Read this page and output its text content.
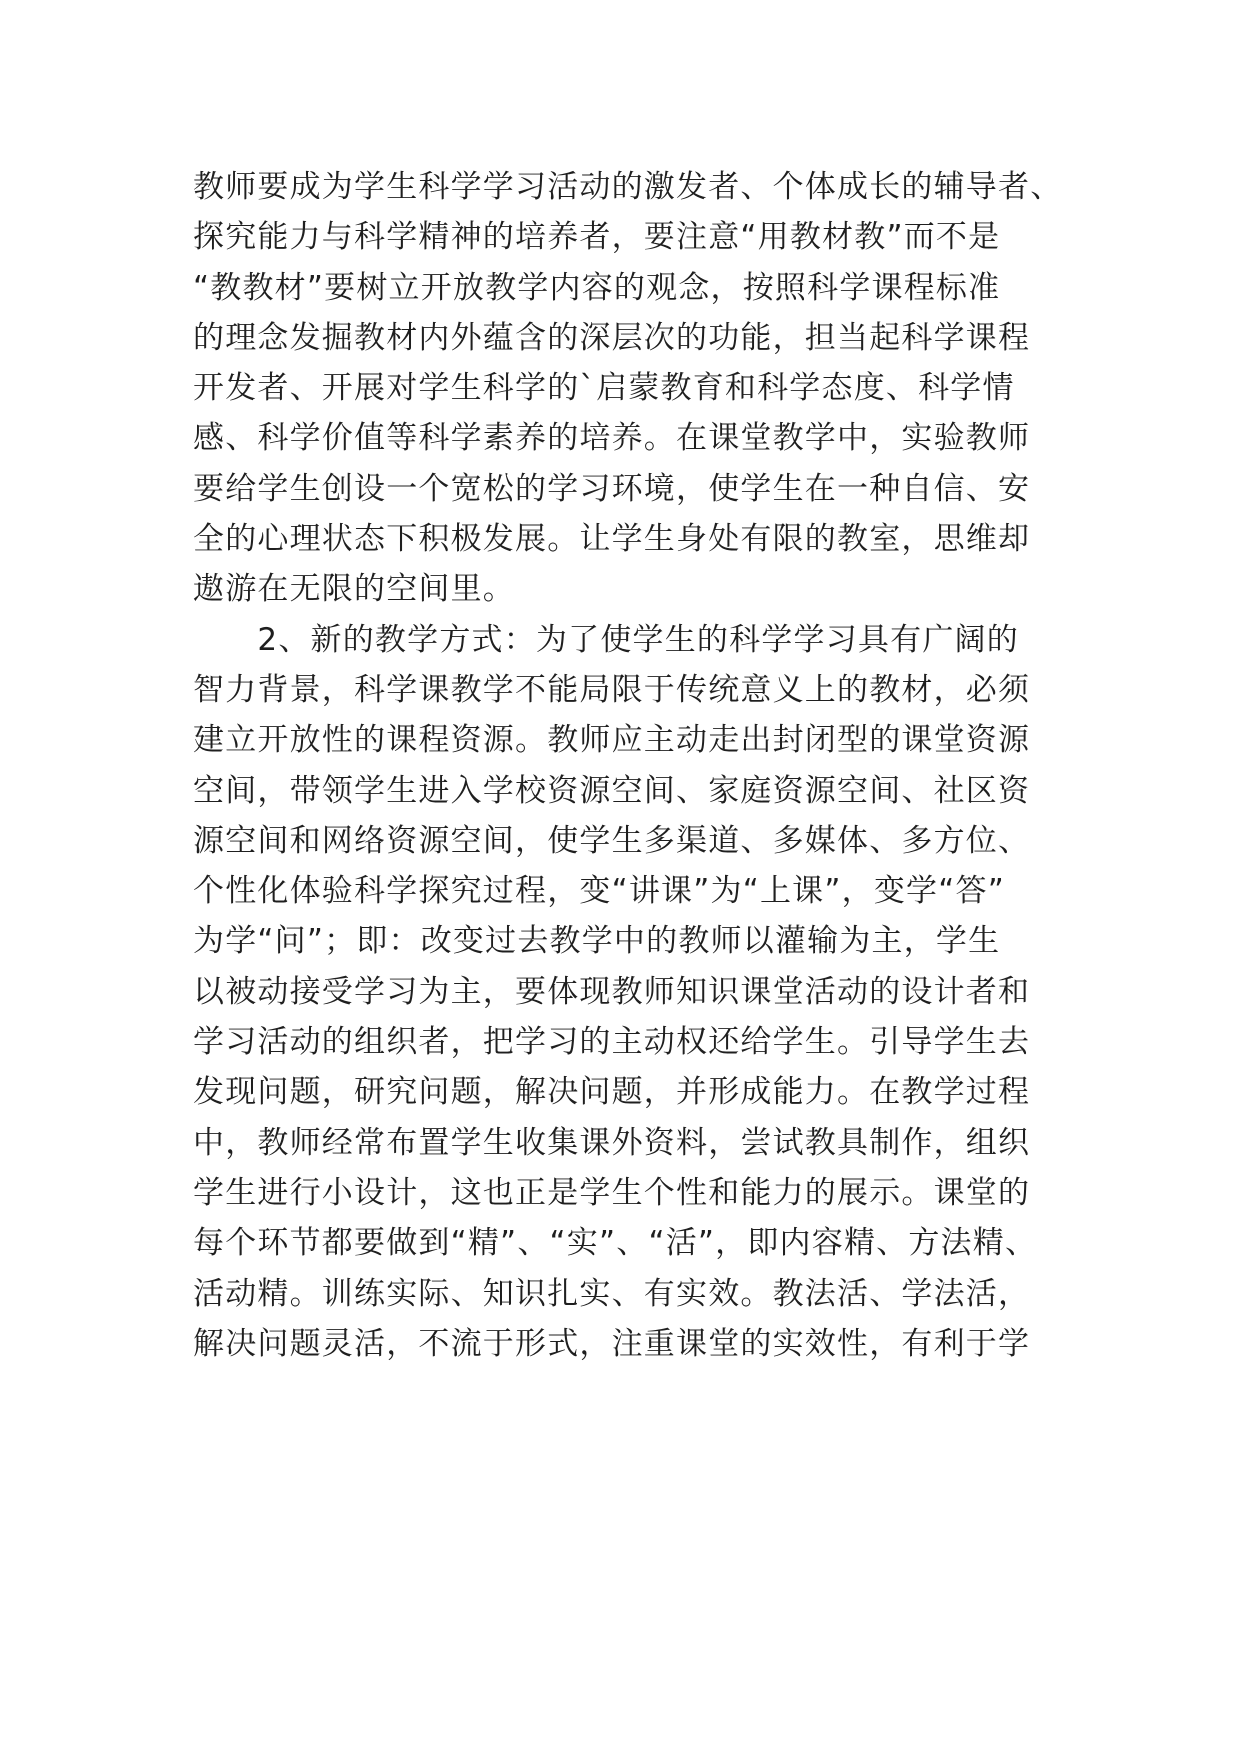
教师要成为学生科学学习活动的激发者、个体成长的辅导者、
探究能力与科学精神的培养者，要注意“用教材教”而不是
“教教材”要树立开放教学内容的观念，按照科学课程标准
的理念发掘教材内外蕴含的深层次的功能，担当起科学课程
开发者、开展对学生科学的`启蒙教育和科学态度、科学情
感、科学价值等科学素养的培养。在课堂教学中，实验教师
要给学生创设一个宽松的学习环境，使学生在一种自信、安
全的心理状态下积极发展。让学生身处有限的教室，思维却
遨游在无限的空间里。
　　2、新的教学方式：为了使学生的科学学习具有广阔的
智力背景，科学课教学不能局限于传统意义上的教材，必须
建立开放性的课程资源。教师应主动走出封闭型的课堂资源
空间，带领学生进入学校资源空间、家庭资源空间、社区资
源空间和网络资源空间，使学生多渠道、多媒体、多方位、
个性化体验科学探究过程，变“讲课”为“上课”，变学“答”
为学“问”；即：改变过去教学中的教师以灌输为主，学生
以被动接受学习为主，要体现教师知识课堂活动的设计者和
学习活动的组织者，把学习的主动权还给学生。引导学生去
发现问题，研究问题，解决问题，并形成能力。在教学过程
中，教师经常布置学生收集课外资料，尝试教具制作，组织
学生进行小设计，这也正是学生个性和能力的展示。课堂的
每个环节都要做到“精”、“实”、“活”，即内容精、方法精、
活动精。训练实际、知识扎实、有实效。教法活、学法活，
解决问题灵活，不流于形式，注重课堂的实效性，有利于学
